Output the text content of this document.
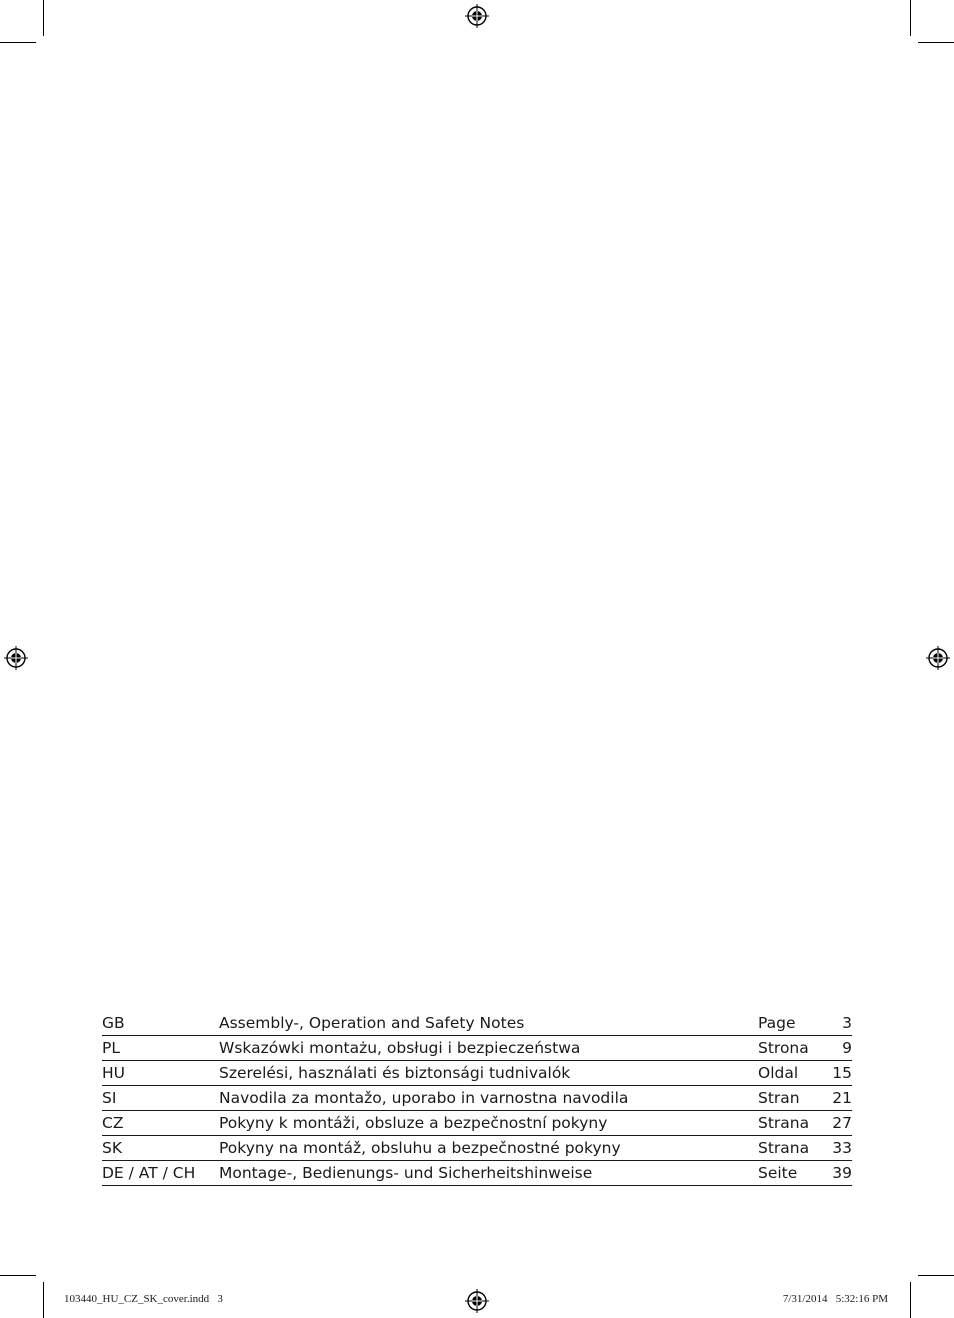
GB	Assembly-, Operation and Safety Notes	Page	3
PL	Wskazówki montażu, obsługi i bezpieczeństwa	Strona	9
HU	Szerelési, használati és biztonsági tudnivalók	Oldal	15
SI	Navodila za montažo, uporabo in varnostna navodila	Stran	21
CZ	Pokyny k montáži, obsluze a bezpečnostní pokyny	Strana	27
SK	Pokyny na montáž, obsluhu a bezpečnostné pokyny	Strana	33
DE / AT / CH	Montage-, Bedienungs- und Sicherheitshinweise	Seite	39
103440_HU_CZ_SK_cover.indd   3	7/31/2014   5:32:16 PM
